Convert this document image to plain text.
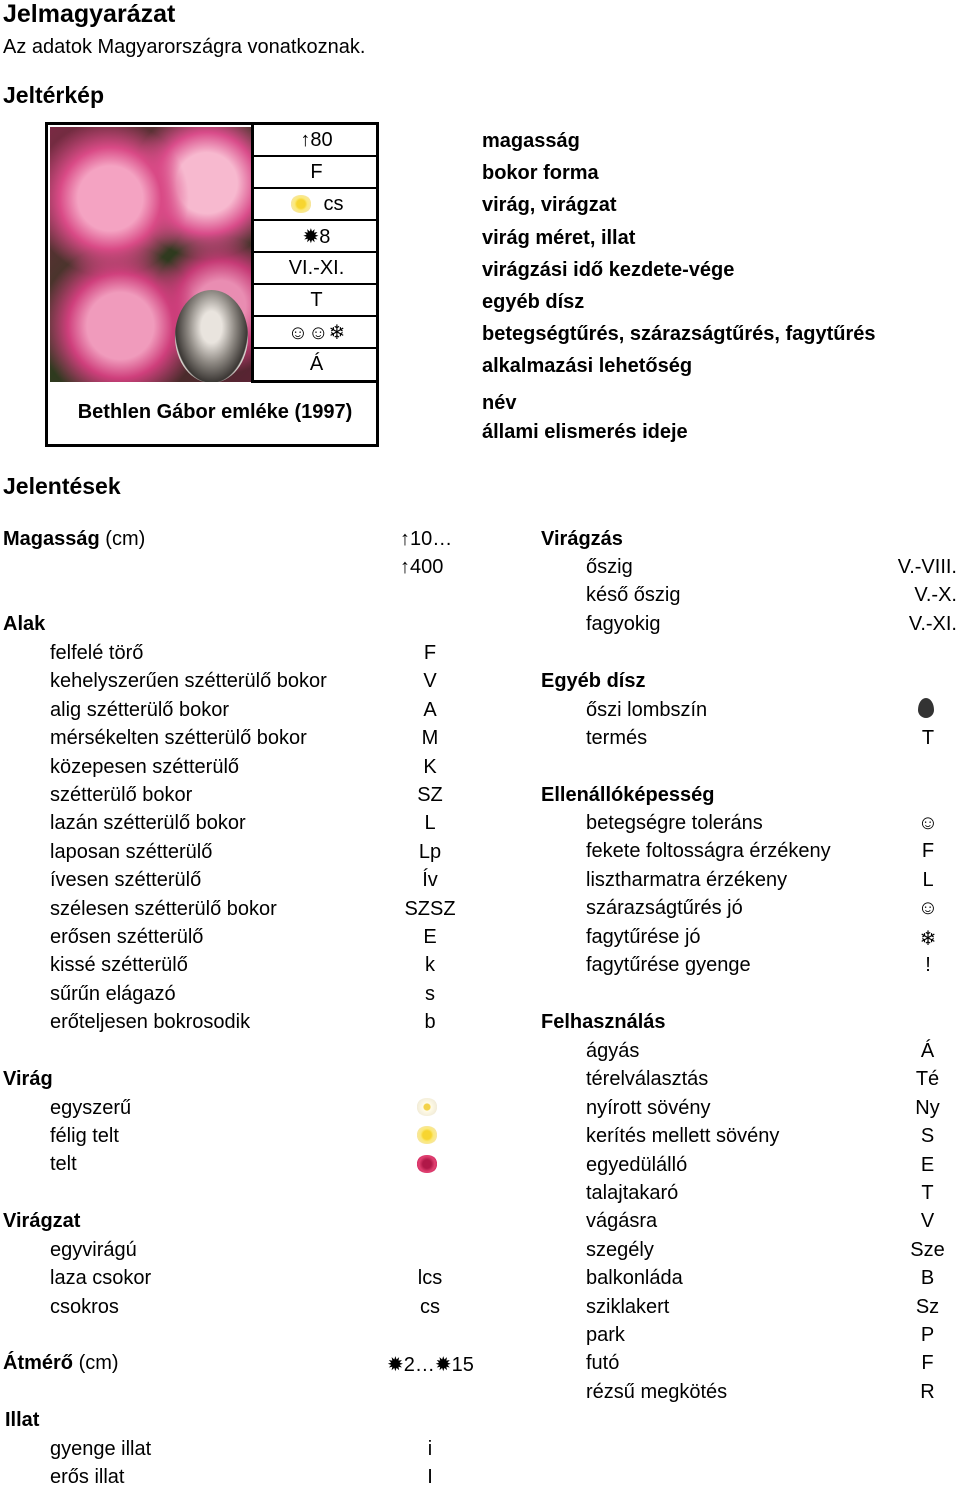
Jelmagyarázat
Az adatok Magyarországra vonatkoznak.
Jeltérkép
↑80
F
cs
✹8
VI.-XI.
T
☺☺❄
Á
Bethlen Gábor emléke (1997)
magasság
bokor forma
virág, virágzat
virág méret, illat
virágzási idő kezdete-vége
egyéb dísz
betegségtűrés, szárazságtűrés, fagytűrés
alkalmazási lehetőség
név
állami elismerés ideje
Jelentések
Magasság (cm)	↑10…
↑400
Alak
felfelé törő	F
kehelyszerűen szétterülő bokor	V
alig szétterülő bokor	A
mérsékelten szétterülő bokor	M
közepesen szétterülő	K
szétterülő bokor	SZ
lazán szétterülő bokor	L
laposan szétterülő	Lp
ívesen szétterülő	Ív
szélesen szétterülő bokor	SZSZ
erősen szétterülő	E
kissé szétterülő	k
sűrűn elágazó	s
erőteljesen bokrosodik	b
Virág
egyszerű
félig telt
telt
Virágzat
egyvirágú
laza csokor	lcs
csokros	cs
Átmérő (cm)	✹2…✹15
Illat
gyenge illat	i
erős illat	I
Virágzás
őszig	V.-VIII.
késő őszig	V.-X.
fagyokig	V.-XI.
Egyéb dísz
őszi lombszín
termés	T
Ellenállóképesség
betegségre toleráns	☺
fekete foltosságra érzékeny	F
lisztharmatra érzékeny	L
szárazságtűrés jó	☺
fagytűrése jó	❄
fagytűrése gyenge	!
Felhasználás
ágyás	Á
térelválasztás	Té
nyírott sövény	Ny
kerítés mellett sövény	S
egyedülálló	E
talajtakaró	T
vágásra	V
szegély	Sze
balkonláda	B
sziklakert	Sz
park	P
futó	F
rézsű megkötés	R
